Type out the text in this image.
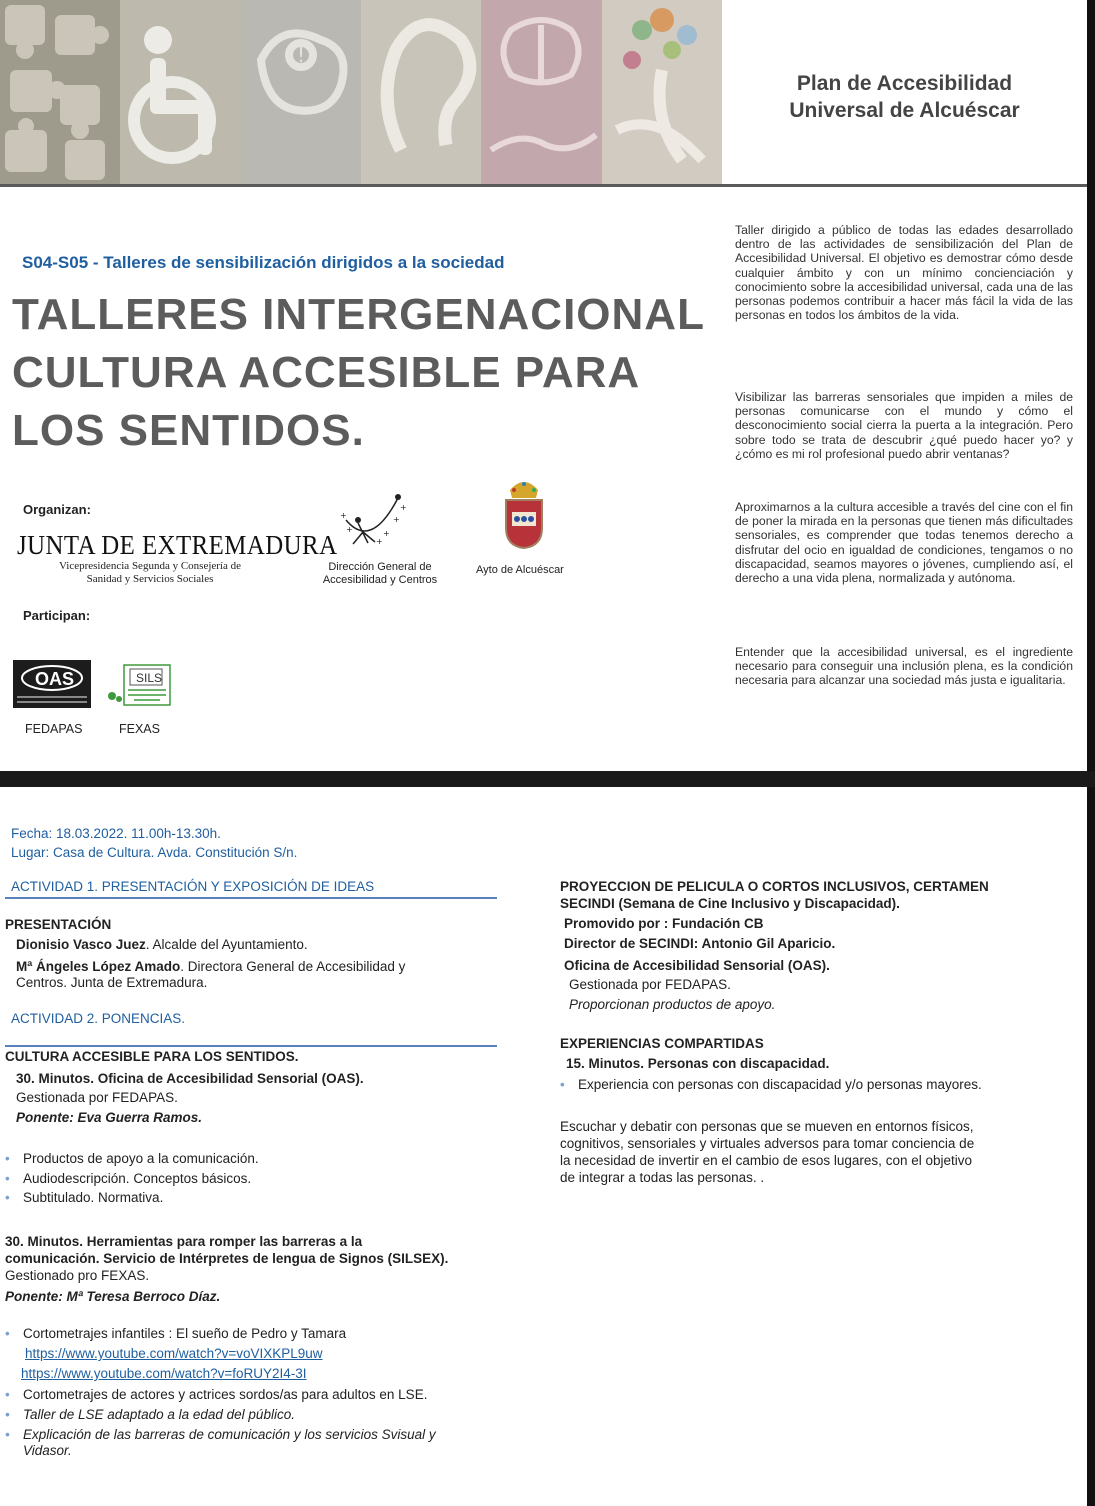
!
Plan de Accesibilidad
Universal de Alcuéscar
S04-S05 - Talleres de sensibilización dirigidos a la sociedad
TALLERES INTERGENACIONAL
CULTURA ACCESIBLE PARA
LOS SENTIDOS.
Taller dirigido a público de todas las edades desarrollado dentro de las actividades de sensibilización del Plan de Accesibilidad Universal. El objetivo es demostrar cómo desde cualquier ámbito y con un mínimo concienciación y conocimiento sobre la accesibilidad universal, cada una de las personas podemos contribuir a hacer más fácil la vida de las personas en todos los ámbitos de la vida.
Visibilizar las barreras sensoriales que impiden a miles de personas comunicarse con el mundo y cómo el desconocimiento social cierra la puerta a la integración. Pero sobre todo se trata de descubrir ¿qué puedo hacer yo? y ¿cómo es mi rol profesional puedo abrir ventanas?
Aproximarnos a la cultura accesible a través del cine con el fin de poner la mirada en la personas que tienen más dificultades sensoriales, es comprender que todas tenemos derecho a disfrutar del ocio en igualdad de condiciones, tengamos o no discapacidad, seamos mayores o jóvenes, cumpliendo así, el derecho a una vida plena, normalizada y autónoma.
Entender que la accesibilidad universal, es el ingrediente necesario para conseguir una inclusión plena, es la condición necesaria para alcanzar una sociedad más justa e igualitaria.
Organizan:
JUNTA DE EXTREMADURA
Vicepresidencia Segunda y Consejería de
Sanidad y Servicios Sociales
+
+	+
+
+
+
Dirección General de
Accesibilidad y Centros
Ayto de Alcuéscar
Participan:
OAS	SILS
FEDAPAS	FEXAS
Fecha: 18.03.2022. 11.00h-13.30h.
Lugar: Casa de Cultura. Avda. Constitución S/n.
ACTIVIDAD 1. PRESENTACIÓN Y EXPOSICIÓN DE IDEAS
PRESENTACIÓN
Dionisio Vasco Juez. Alcalde del Ayuntamiento.
Mª Ángeles López Amado. Directora General de Accesibilidad y
Centros. Junta de Extremadura.
ACTIVIDAD 2. PONENCIAS.
CULTURA ACCESIBLE PARA LOS SENTIDOS.
30. Minutos. Oficina de Accesibilidad Sensorial (OAS).
Gestionada por FEDAPAS.
Ponente: Eva Guerra Ramos.
• Productos de apoyo a la comunicación.
• Audiodescripción. Conceptos básicos.
• Subtitulado. Normativa.
30. Minutos. Herramientas para romper las barreras a la
comunicación. Servicio de Intérpretes de lengua de Signos (SILSEX).
Gestionado pro FEXAS.
Ponente: Mª Teresa Berroco Díaz.
• Cortometrajes infantiles : El sueño de Pedro y Tamara
https://www.youtube.com/watch?v=voVIXKPL9uw
https://www.youtube.com/watch?v=foRUY2I4-3I
• Cortometrajes de actores y actrices sordos/as para adultos en LSE.
• Taller de LSE adaptado a la edad del público.
• Explicación de las barreras de comunicación y los servicios Svisual y
Vidasor.
PROYECCION DE PELICULA O CORTOS INCLUSIVOS, CERTAMEN
SECINDI (Semana de Cine Inclusivo y Discapacidad).
Promovido por : Fundación CB
Director de SECINDI: Antonio Gil Aparicio.
Oficina de Accesibilidad Sensorial (OAS).
Gestionada por FEDAPAS.
Proporcionan productos de apoyo.
EXPERIENCIAS COMPARTIDAS
15. Minutos. Personas con discapacidad.
• Experiencia con personas con discapacidad y/o personas mayores.
Escuchar y debatir con personas que se mueven en entornos físicos,
cognitivos, sensoriales y virtuales adversos para tomar conciencia de
la necesidad de invertir en el cambio de esos lugares, con el objetivo
de integrar a todas las personas. .
